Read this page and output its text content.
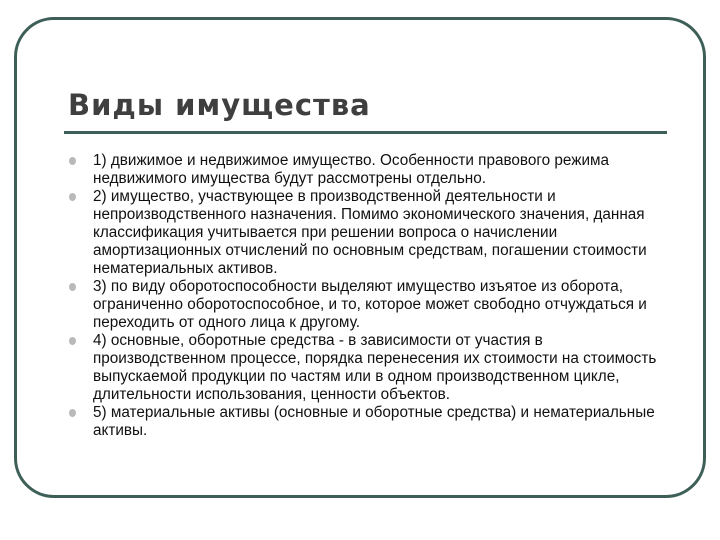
Виды имущества
1) движимое и недвижимое имущество. Особенности правового режима недвижимого имущества будут рассмотрены отдельно.
2) имущество, участвующее в производственной деятельности и непроизводственного назначения. Помимо экономического значения, данная классификация учитывается при решении вопроса о начислении амортизационных отчислений по основным средствам, погашении стоимости нематериальных активов.
3) по виду оборотоспособности выделяют имущество изъятое из оборота, ограниченно оборотоспособное, и то, которое может свободно отчуждаться и переходить от одного лица к другому.
4) основные, оборотные средства - в зависимости от участия в производственном процессе, порядка перенесения их стоимости на стоимость выпускаемой продукции по частям или в одном производственном цикле, длительности использования, ценности объектов.
5) материальные активы (основные и оборотные средства) и нематериальные активы.
